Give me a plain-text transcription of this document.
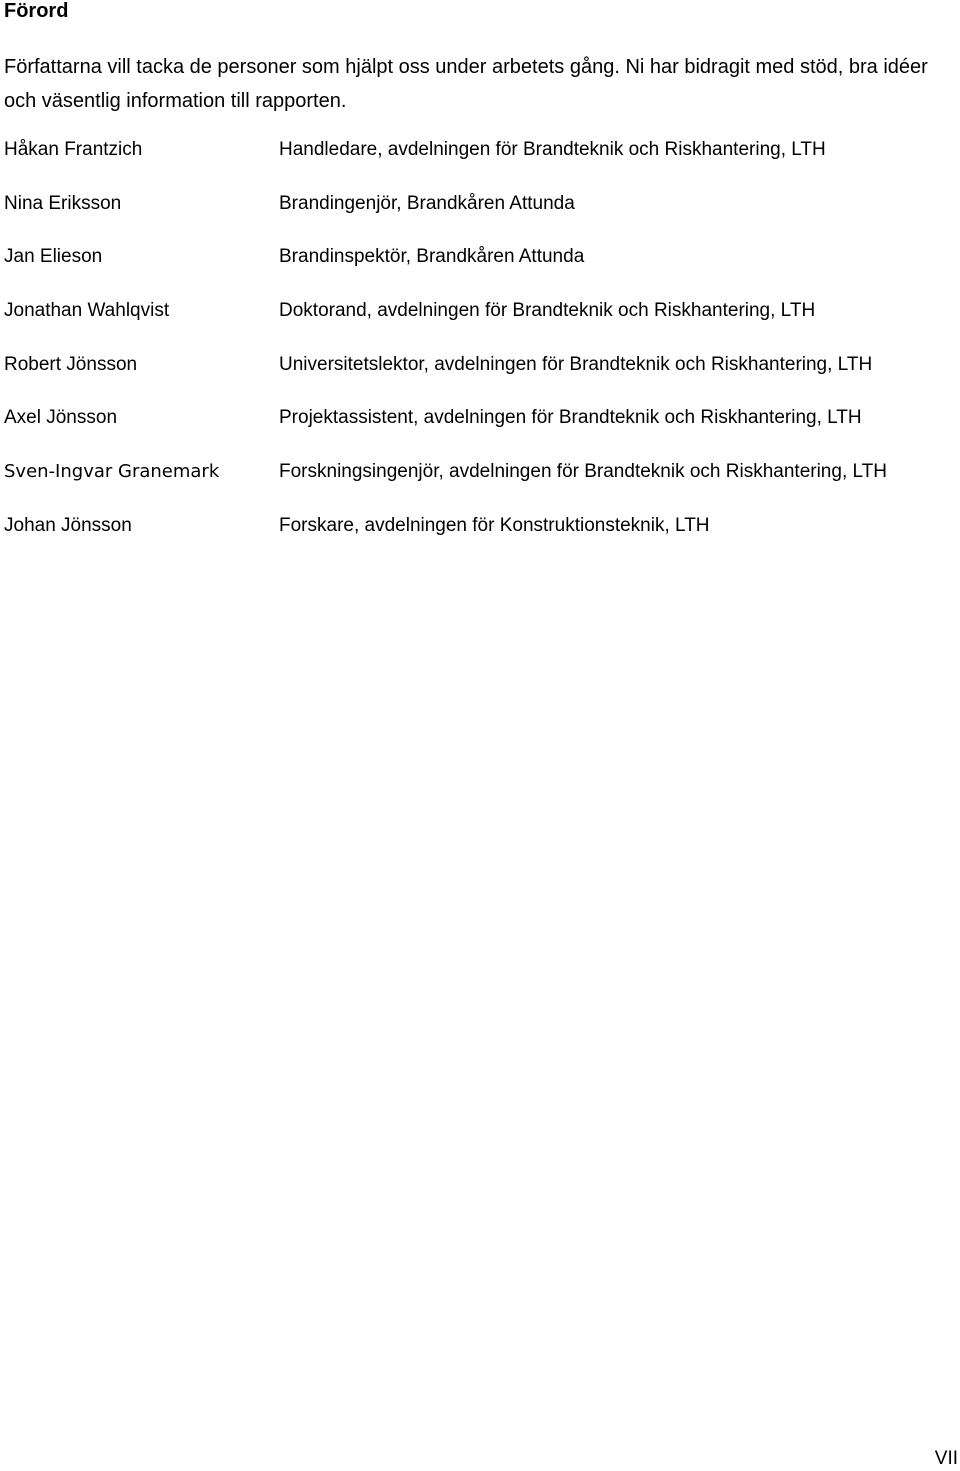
Förord

Författarna vill tacka de personer som hjälpt oss under arbetets gång. Ni har bidragit med stöd, bra idéer och väsentlig information till rapporten.

Håkan Frantzich	Handledare, avdelningen för Brandteknik och Riskhantering, LTH
Nina Eriksson	Brandingenjör, Brandkåren Attunda
Jan Elieson	Brandinspektör, Brandkåren Attunda
Jonathan Wahlqvist	Doktorand, avdelningen för Brandteknik och Riskhantering, LTH
Robert Jönsson	Universitetslektor, avdelningen för Brandteknik och Riskhantering, LTH
Axel Jönsson	Projektassistent, avdelningen för Brandteknik och Riskhantering, LTH
Sven-Ingvar Granemark	Forskningsingenjör, avdelningen för Brandteknik och Riskhantering, LTH
Johan Jönsson	Forskare, avdelningen för Konstruktionsteknik, LTH
VII
